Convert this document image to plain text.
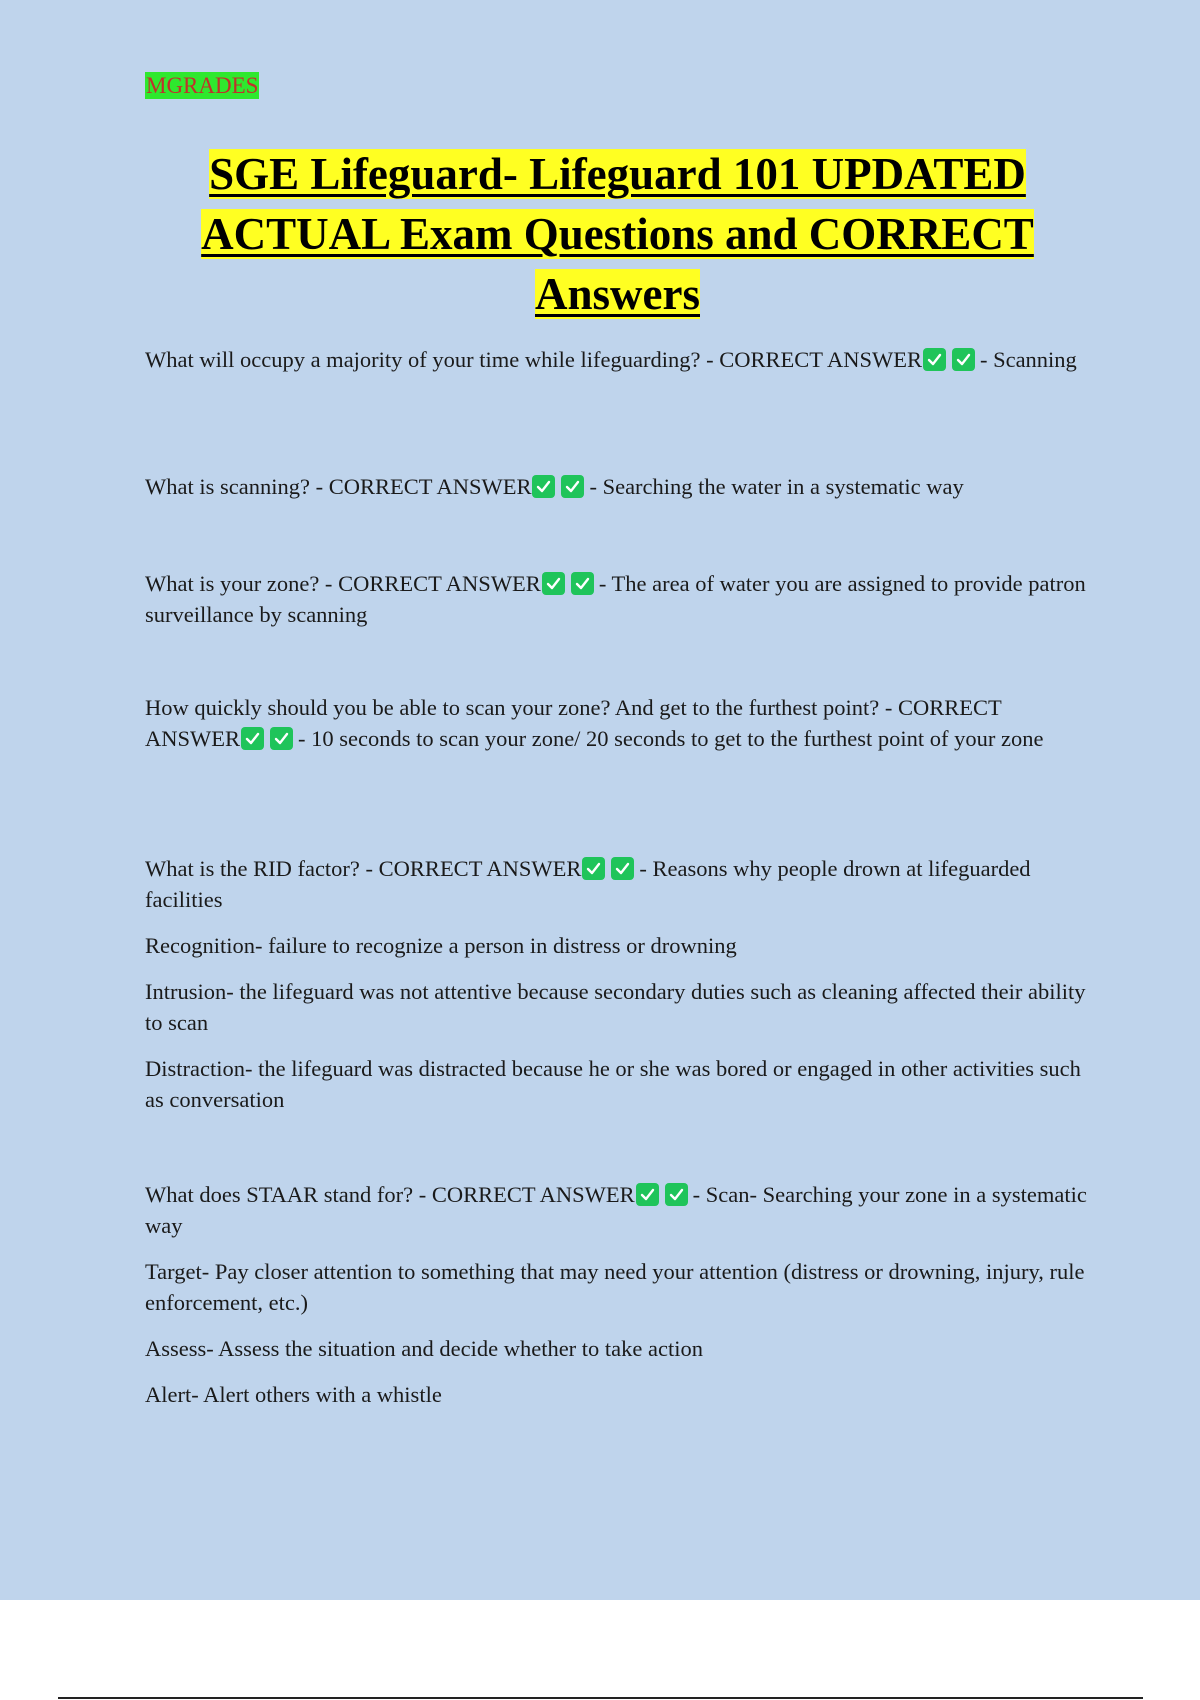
MGRADES
SGE Lifeguard- Lifeguard 101 UPDATED ACTUAL Exam Questions and CORRECT Answers

What will occupy a majority of your time while lifeguarding? - CORRECT ANSWER	- Scanning

What is scanning? - CORRECT ANSWER	- Searching the water in a systematic way

What is your zone? - CORRECT ANSWER	- The area of water you are assigned to provide patron surveillance by scanning

How quickly should you be able to scan your zone? And get to the furthest point? - CORRECT ANSWER	- 10 seconds to scan your zone/ 20 seconds to get to the furthest point of your zone

What is the RID factor? - CORRECT ANSWER	- Reasons why people drown at lifeguarded facilities

Recognition- failure to recognize a person in distress or drowning

Intrusion- the lifeguard was not attentive because secondary duties such as cleaning affected their ability to scan

Distraction- the lifeguard was distracted because he or she was bored or engaged in other activities such as conversation

What does STAAR stand for? - CORRECT ANSWER	- Scan- Searching your zone in a systematic way

Target- Pay closer attention to something that may need your attention (distress or drowning, injury, rule enforcement, etc.)

Assess- Assess the situation and decide whether to take action

Alert- Alert others with a whistle
